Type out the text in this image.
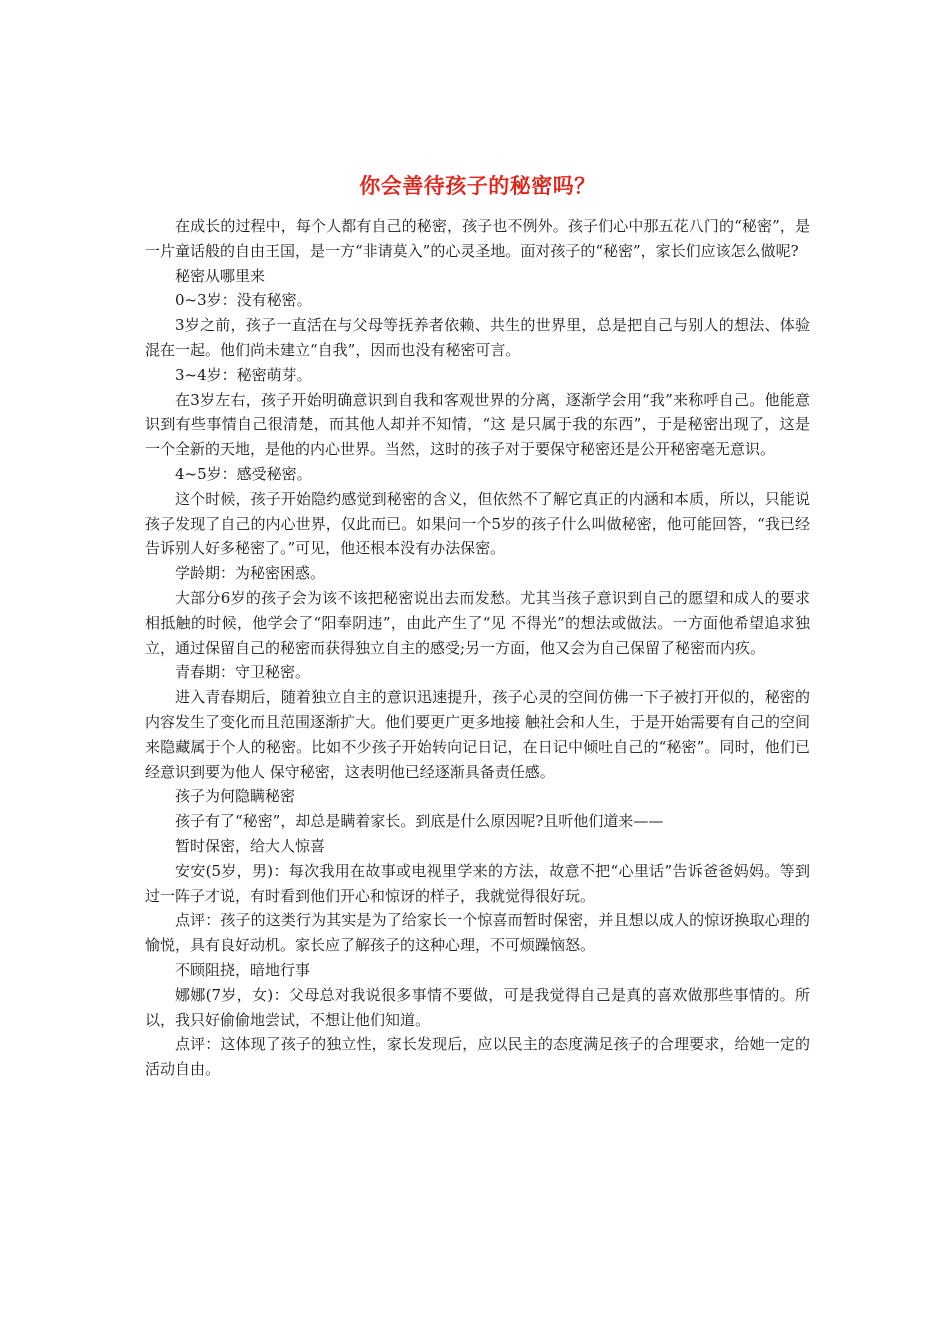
你会善待孩子的秘密吗？

在成长的过程中，每个人都有自己的秘密，孩子也不例外。孩子们心中那五花八门的“秘密”，是一片童话般的自由王国，是一方“非请莫入”的心灵圣地。面对孩子的“秘密”，家长们应该怎么做呢?

秘密从哪里来

0~3岁：没有秘密。

3岁之前，孩子一直活在与父母等抚养者依赖、共生的世界里，总是把自己与别人的想法、体验混在一起。他们尚未建立“自我”，因而也没有秘密可言。

3~4岁：秘密萌芽。

在3岁左右，孩子开始明确意识到自我和客观世界的分离，逐渐学会用“我”来称呼自己。他能意识到有些事情自己很清楚，而其他人却并不知情，“这 是只属于我的东西”，于是秘密出现了，这是一个全新的天地，是他的内心世界。当然，这时的孩子对于要保守秘密还是公开秘密毫无意识。

4~5岁：感受秘密。

这个时候，孩子开始隐约感觉到秘密的含义，但依然不了解它真正的内涵和本质，所以，只能说孩子发现了自己的内心世界，仅此而已。如果问一个5岁的孩子什么叫做秘密，他可能回答，“我已经告诉别人好多秘密了。”可见，他还根本没有办法保密。

学龄期：为秘密困惑。

大部分6岁的孩子会为该不该把秘密说出去而发愁。尤其当孩子意识到自己的愿望和成人的要求相抵触的时候，他学会了“阳奉阴违”，由此产生了“见 不得光”的想法或做法。一方面他希望追求独立，通过保留自己的秘密而获得独立自主的感受;另一方面，他又会为自己保留了秘密而内疚。

青春期：守卫秘密。

进入青春期后，随着独立自主的意识迅速提升，孩子心灵的空间仿佛一下子被打开似的，秘密的内容发生了变化而且范围逐渐扩大。他们要更广更多地接 触社会和人生，于是开始需要有自己的空间来隐藏属于个人的秘密。比如不少孩子开始转向记日记，在日记中倾吐自己的“秘密”。同时，他们已经意识到要为他人 保守秘密，这表明他已经逐渐具备责任感。

孩子为何隐瞒秘密

孩子有了“秘密”，却总是瞒着家长。到底是什么原因呢?且听他们道来——

暂时保密，给大人惊喜

安安(5岁，男)：每次我用在故事或电视里学来的方法，故意不把“心里话”告诉爸爸妈妈。等到过一阵子才说，有时看到他们开心和惊讶的样子，我就觉得很好玩。

点评：孩子的这类行为其实是为了给家长一个惊喜而暂时保密，并且想以成人的惊讶换取心理的愉悦，具有良好动机。家长应了解孩子的这种心理，不可烦躁恼怒。

不顾阻挠，暗地行事

娜娜(7岁，女)：父母总对我说很多事情不要做，可是我觉得自己是真的喜欢做那些事情的。所以，我只好偷偷地尝试，不想让他们知道。

点评：这体现了孩子的独立性，家长发现后，应以民主的态度满足孩子的合理要求，给她一定的活动自由。
